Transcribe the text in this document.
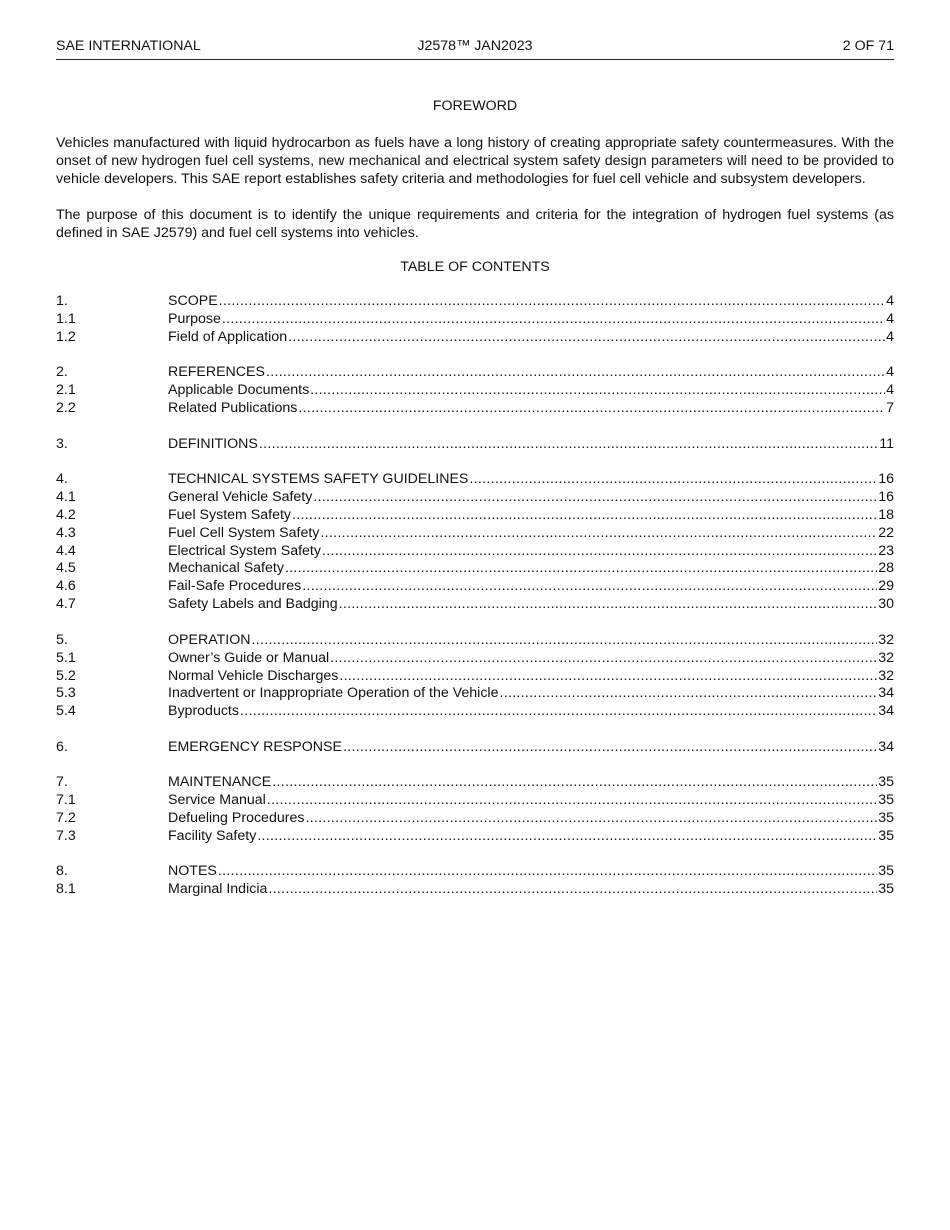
SAE INTERNATIONAL	J2578™ JAN2023	2 OF 71
FOREWORD

Vehicles manufactured with liquid hydrocarbon as fuels have a long history of creating appropriate safety countermeasures. With the onset of new hydrogen fuel cell systems, new mechanical and electrical system safety design parameters will need to be provided to vehicle developers. This SAE report establishes safety criteria and methodologies for fuel cell vehicle and subsystem developers.

The purpose of this document is to identify the unique requirements and criteria for the integration of hydrogen fuel systems (as defined in SAE J2579) and fuel cell systems into vehicles.

TABLE OF CONTENTS
1.	SCOPE .....	4
1.1	Purpose .....	4
1.2	Field of Application .....	4
2.	REFERENCES .....	4
2.1	Applicable Documents .....	4
2.2	Related Publications .....	7
3.	DEFINITIONS .....	11
4.	TECHNICAL SYSTEMS SAFETY GUIDELINES .....	16
4.1	General Vehicle Safety .....	16
4.2	Fuel System Safety .....	18
4.3	Fuel Cell System Safety .....	22
4.4	Electrical System Safety .....	23
4.5	Mechanical Safety .....	28
4.6	Fail-Safe Procedures .....	29
4.7	Safety Labels and Badging .....	30
5.	OPERATION .....	32
5.1	Owner’s Guide or Manual .....	32
5.2	Normal Vehicle Discharges .....	32
5.3	Inadvertent or Inappropriate Operation of the Vehicle .....	34
5.4	Byproducts .....	34
6.	EMERGENCY RESPONSE .....	34
7.	MAINTENANCE .....	35
7.1	Service Manual .....	35
7.2	Defueling Procedures .....	35
7.3	Facility Safety .....	35
8.	NOTES .....	35
8.1	Marginal Indicia .....	35
